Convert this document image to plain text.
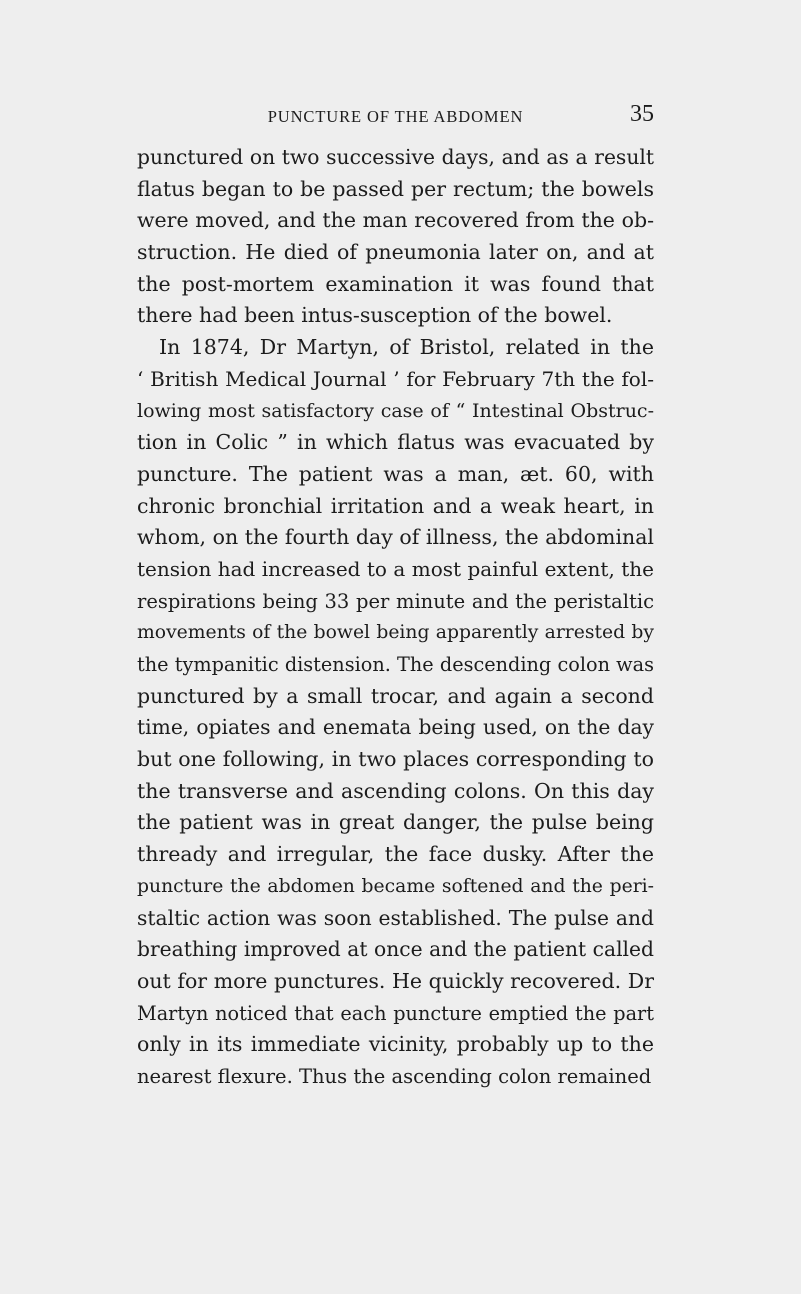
PUNCTURE OF THE ABDOMEN	35
punctured on two successive days, and as a result
flatus began to be passed per rectum; the bowels
were moved, and the man recovered from the ob-
struction. He died of pneumonia later on, and at
the post-mortem examination it was found that
there had been intus-susception of the bowel.
In 1874, Dr Martyn, of Bristol, related in the
‘ British Medical Journal ’ for February 7th the fol-
lowing most satisfactory case of “ Intestinal Obstruc-
tion in Colic ” in which flatus was evacuated by
puncture. The patient was a man, æt. 60, with
chronic bronchial irritation and a weak heart, in
whom, on the fourth day of illness, the abdominal
tension had increased to a most painful extent, the
respirations being 33 per minute and the peristaltic
movements of the bowel being apparently arrested by
the tympanitic distension. The descending colon was
punctured by a small trocar, and again a second
time, opiates and enemata being used, on the day
but one following, in two places corresponding to
the transverse and ascending colons. On this day
the patient was in great danger, the pulse being
thready and irregular, the face dusky. After the
puncture the abdomen became softened and the peri-
staltic action was soon established. The pulse and
breathing improved at once and the patient called
out for more punctures. He quickly recovered. Dr
Martyn noticed that each puncture emptied the part
only in its immediate vicinity, probably up to the
nearest flexure. Thus the ascending colon remained
